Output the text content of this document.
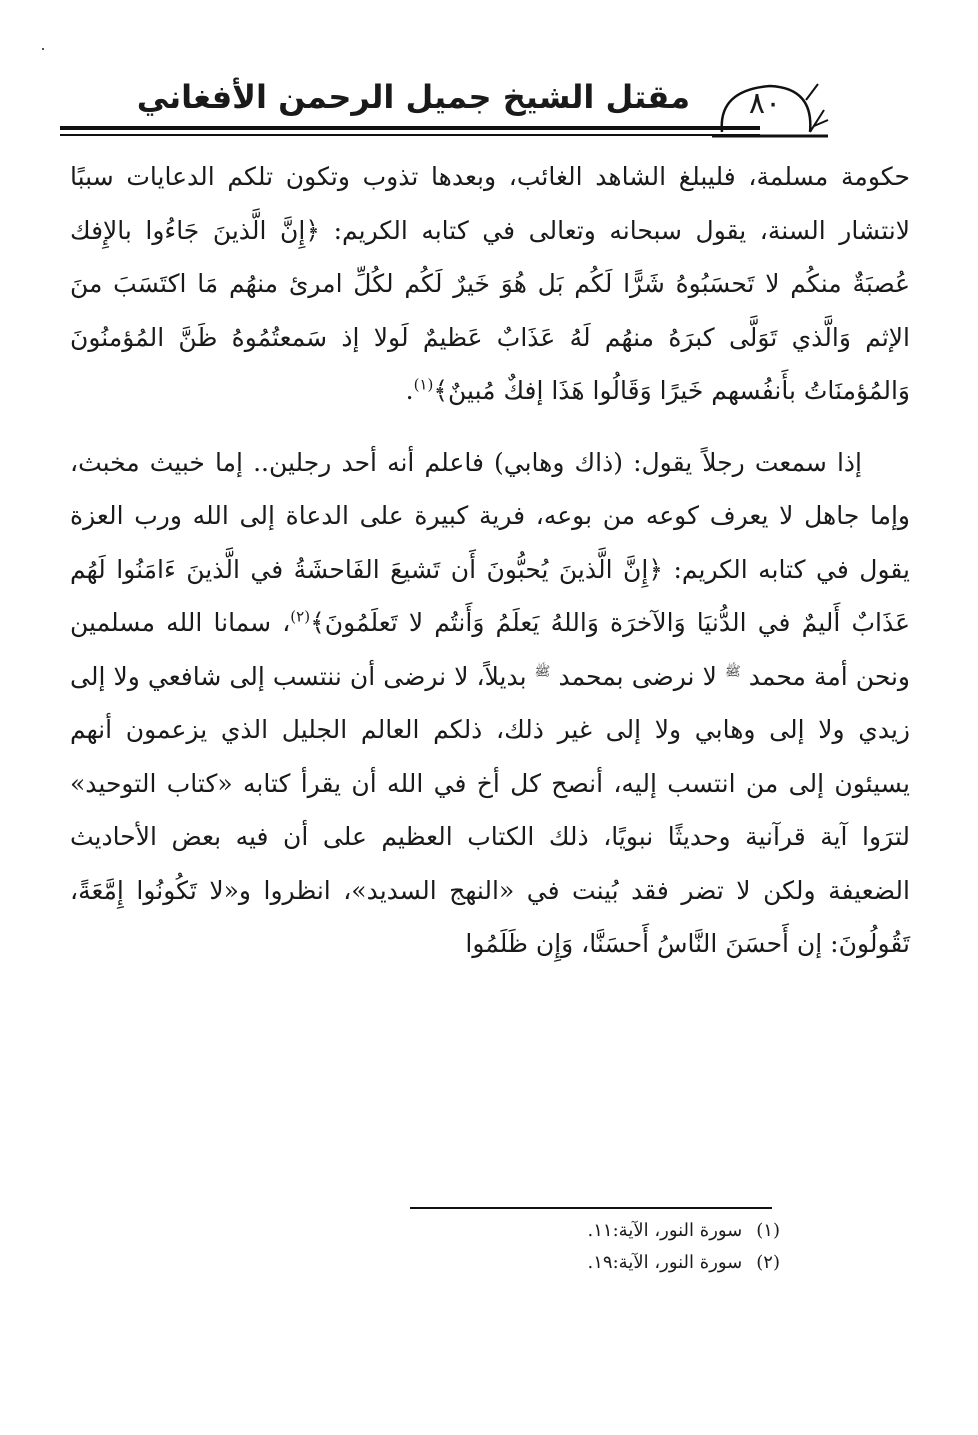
مقتل الشيخ جميل الرحمن الأفغاني	٨٠

حكومة مسلمة، فليبلغ الشاهد الغائب، وبعدها تذوب وتكون تلكم الدعايات سببًا لانتشار السنة، يقول سبحانه وتعالى في كتابه الكريم: ﴿إِنَّ الَّذينَ جَاءُوا بالإِفك عُصبَةٌ منكُم لا تَحسَبُوهُ شَرًّا لَكُم بَل هُوَ خَيرٌ لَكُم لكُلِّ امرئ منهُم مَا اكتَسَبَ منَ الإثم وَالَّذي تَوَلَّى كبرَهُ منهُم لَهُ عَذَابٌ عَظيمٌ لَولا إذ سَمعتُمُوهُ ظَنَّ المُؤمنُونَ وَالمُؤمنَاتُ بأَنفُسهم خَيرًا وَقَالُوا هَذَا إفكٌ مُبينٌ﴾$^{(١)}$.

إذا سمعت رجلاً يقول: (ذاك وهابي) فاعلم أنه أحد رجلين.. إما خبيث مخبث، وإما جاهل لا يعرف كوعه من بوعه، فرية كبيرة على الدعاة إلى الله ورب العزة يقول في كتابه الكريم: ﴿إِنَّ الَّذينَ يُحبُّونَ أَن تَشيعَ الفَاحشَةُ في الَّذينَ ءَامَنُوا لَهُم عَذَابٌ أَليمٌ في الدُّنيَا وَالآخرَة وَاللهُ يَعلَمُ وَأَنتُم لا تَعلَمُونَ﴾$^{(٢)}$، سمانا الله مسلمين ونحن أمة محمد $^ﷺ$ لا نرضى بمحمد $^ﷺ$ بديلاً، لا نرضى أن ننتسب إلى شافعي ولا إلى زيدي ولا إلى وهابي ولا إلى غير ذلك، ذلكم العالم الجليل الذي يزعمون أنهم يسيئون إلى من انتسب إليه، أنصح كل أخ في الله أن يقرأ كتابه «كتاب التوحيد» لترَوا آية قرآنية وحديثًا نبويًا، ذلك الكتاب العظيم على أن فيه بعض الأحاديث الضعيفة ولكن لا تضر فقد بُينت في «النهج السديد»، انظروا و«لا تَكُونُوا إِمَّعَةً، تَقُولُونَ: إن أَحسَنَ النَّاسُ أَحسَنَّا، وَإِن ظَلَمُوا

(١)سورة النور، الآية:١١.

(٢)سورة النور، الآية:١٩.
